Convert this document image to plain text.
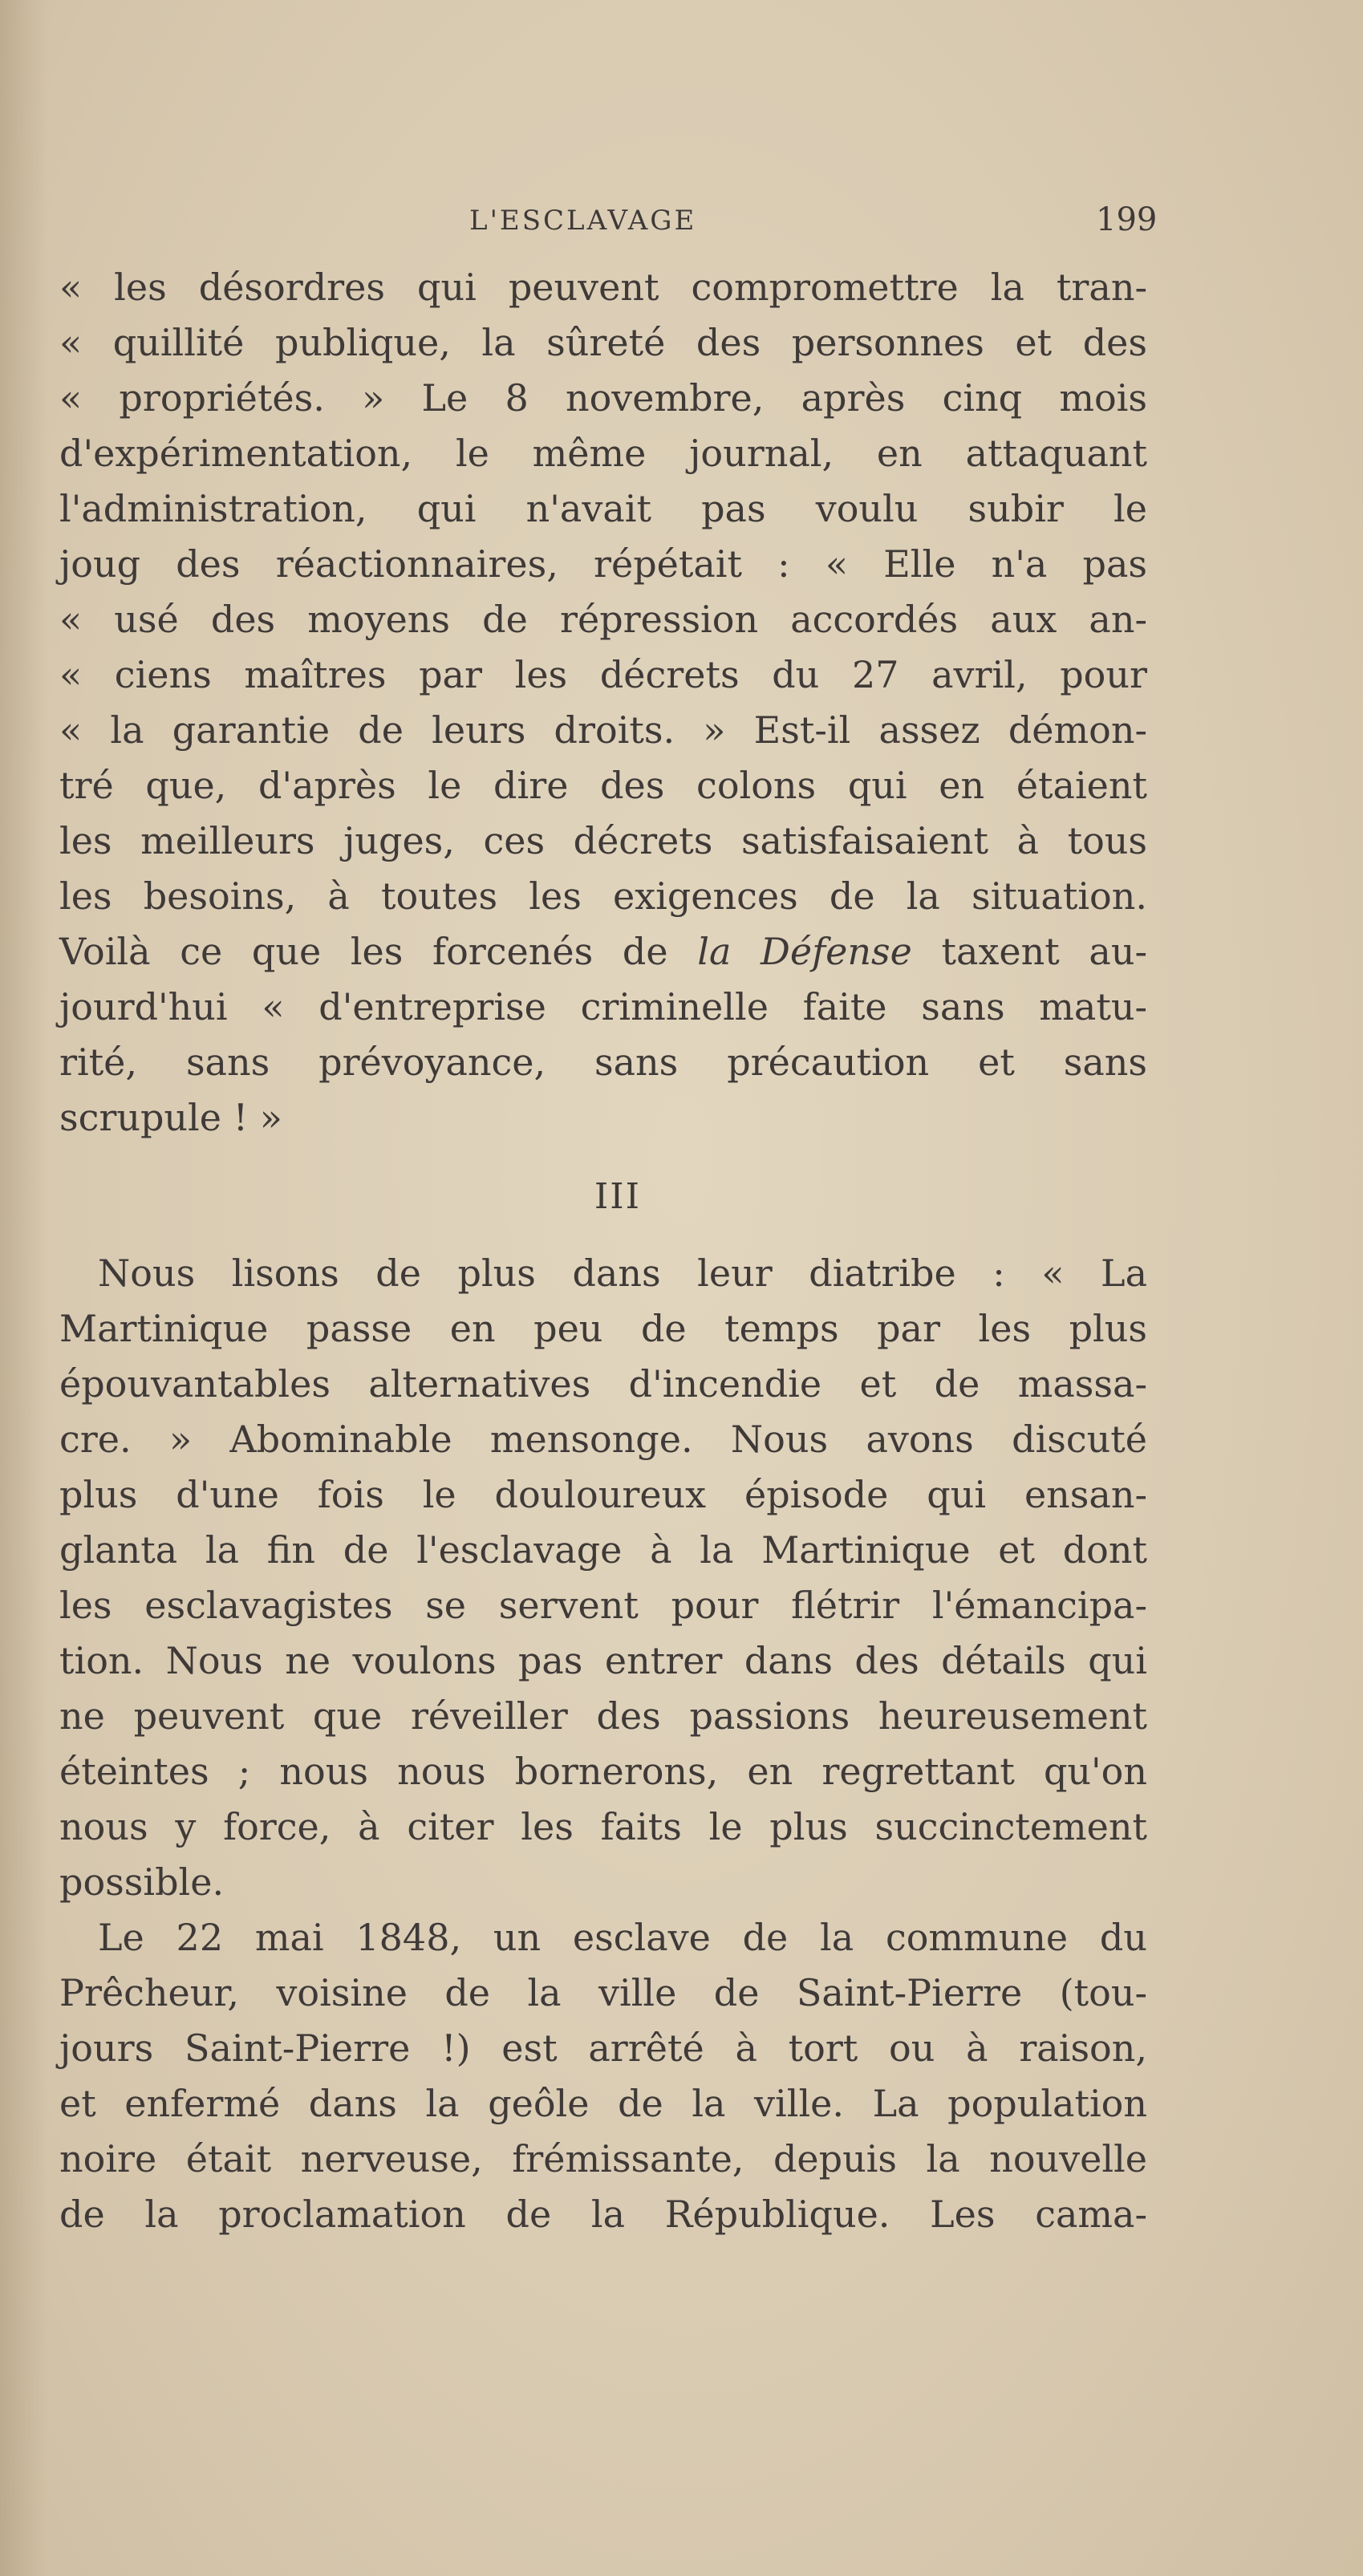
L'ESCLAVAGE	199
« les désordres qui peuvent compromettre la tran-
« quillité publique, la sûreté des personnes et des
« propriétés. » Le 8 novembre, après cinq mois
d'expérimentation, le même journal, en attaquant
l'administration, qui n'avait pas voulu subir le
joug des réactionnaires, répétait : « Elle n'a pas
« usé des moyens de répression accordés aux an-
« ciens maîtres par les décrets du 27 avril, pour
« la garantie de leurs droits. » Est-il assez démon-
tré que, d'après le dire des colons qui en étaient
les meilleurs juges, ces décrets satisfaisaient à tous
les besoins, à toutes les exigences de la situation.
Voilà ce que les forcenés de la Défense taxent au-
jourd'hui « d'entreprise criminelle faite sans matu-
rité, sans prévoyance, sans précaution et sans
scrupule ! »
III
Nous lisons de plus dans leur diatribe : « La
Martinique passe en peu de temps par les plus
épouvantables alternatives d'incendie et de massa-
cre. » Abominable mensonge. Nous avons discuté
plus d'une fois le douloureux épisode qui ensan-
glanta la fin de l'esclavage à la Martinique et dont
les esclavagistes se servent pour flétrir l'émancipa-
tion. Nous ne voulons pas entrer dans des détails qui
ne peuvent que réveiller des passions heureusement
éteintes ; nous nous bornerons, en regrettant qu'on
nous y force, à citer les faits le plus succinctement
possible.
Le 22 mai 1848, un esclave de la commune du
Prêcheur, voisine de la ville de Saint-Pierre (tou-
jours Saint-Pierre !) est arrêté à tort ou à raison,
et enfermé dans la geôle de la ville. La population
noire était nerveuse, frémissante, depuis la nouvelle
de la proclamation de la République. Les cama-
